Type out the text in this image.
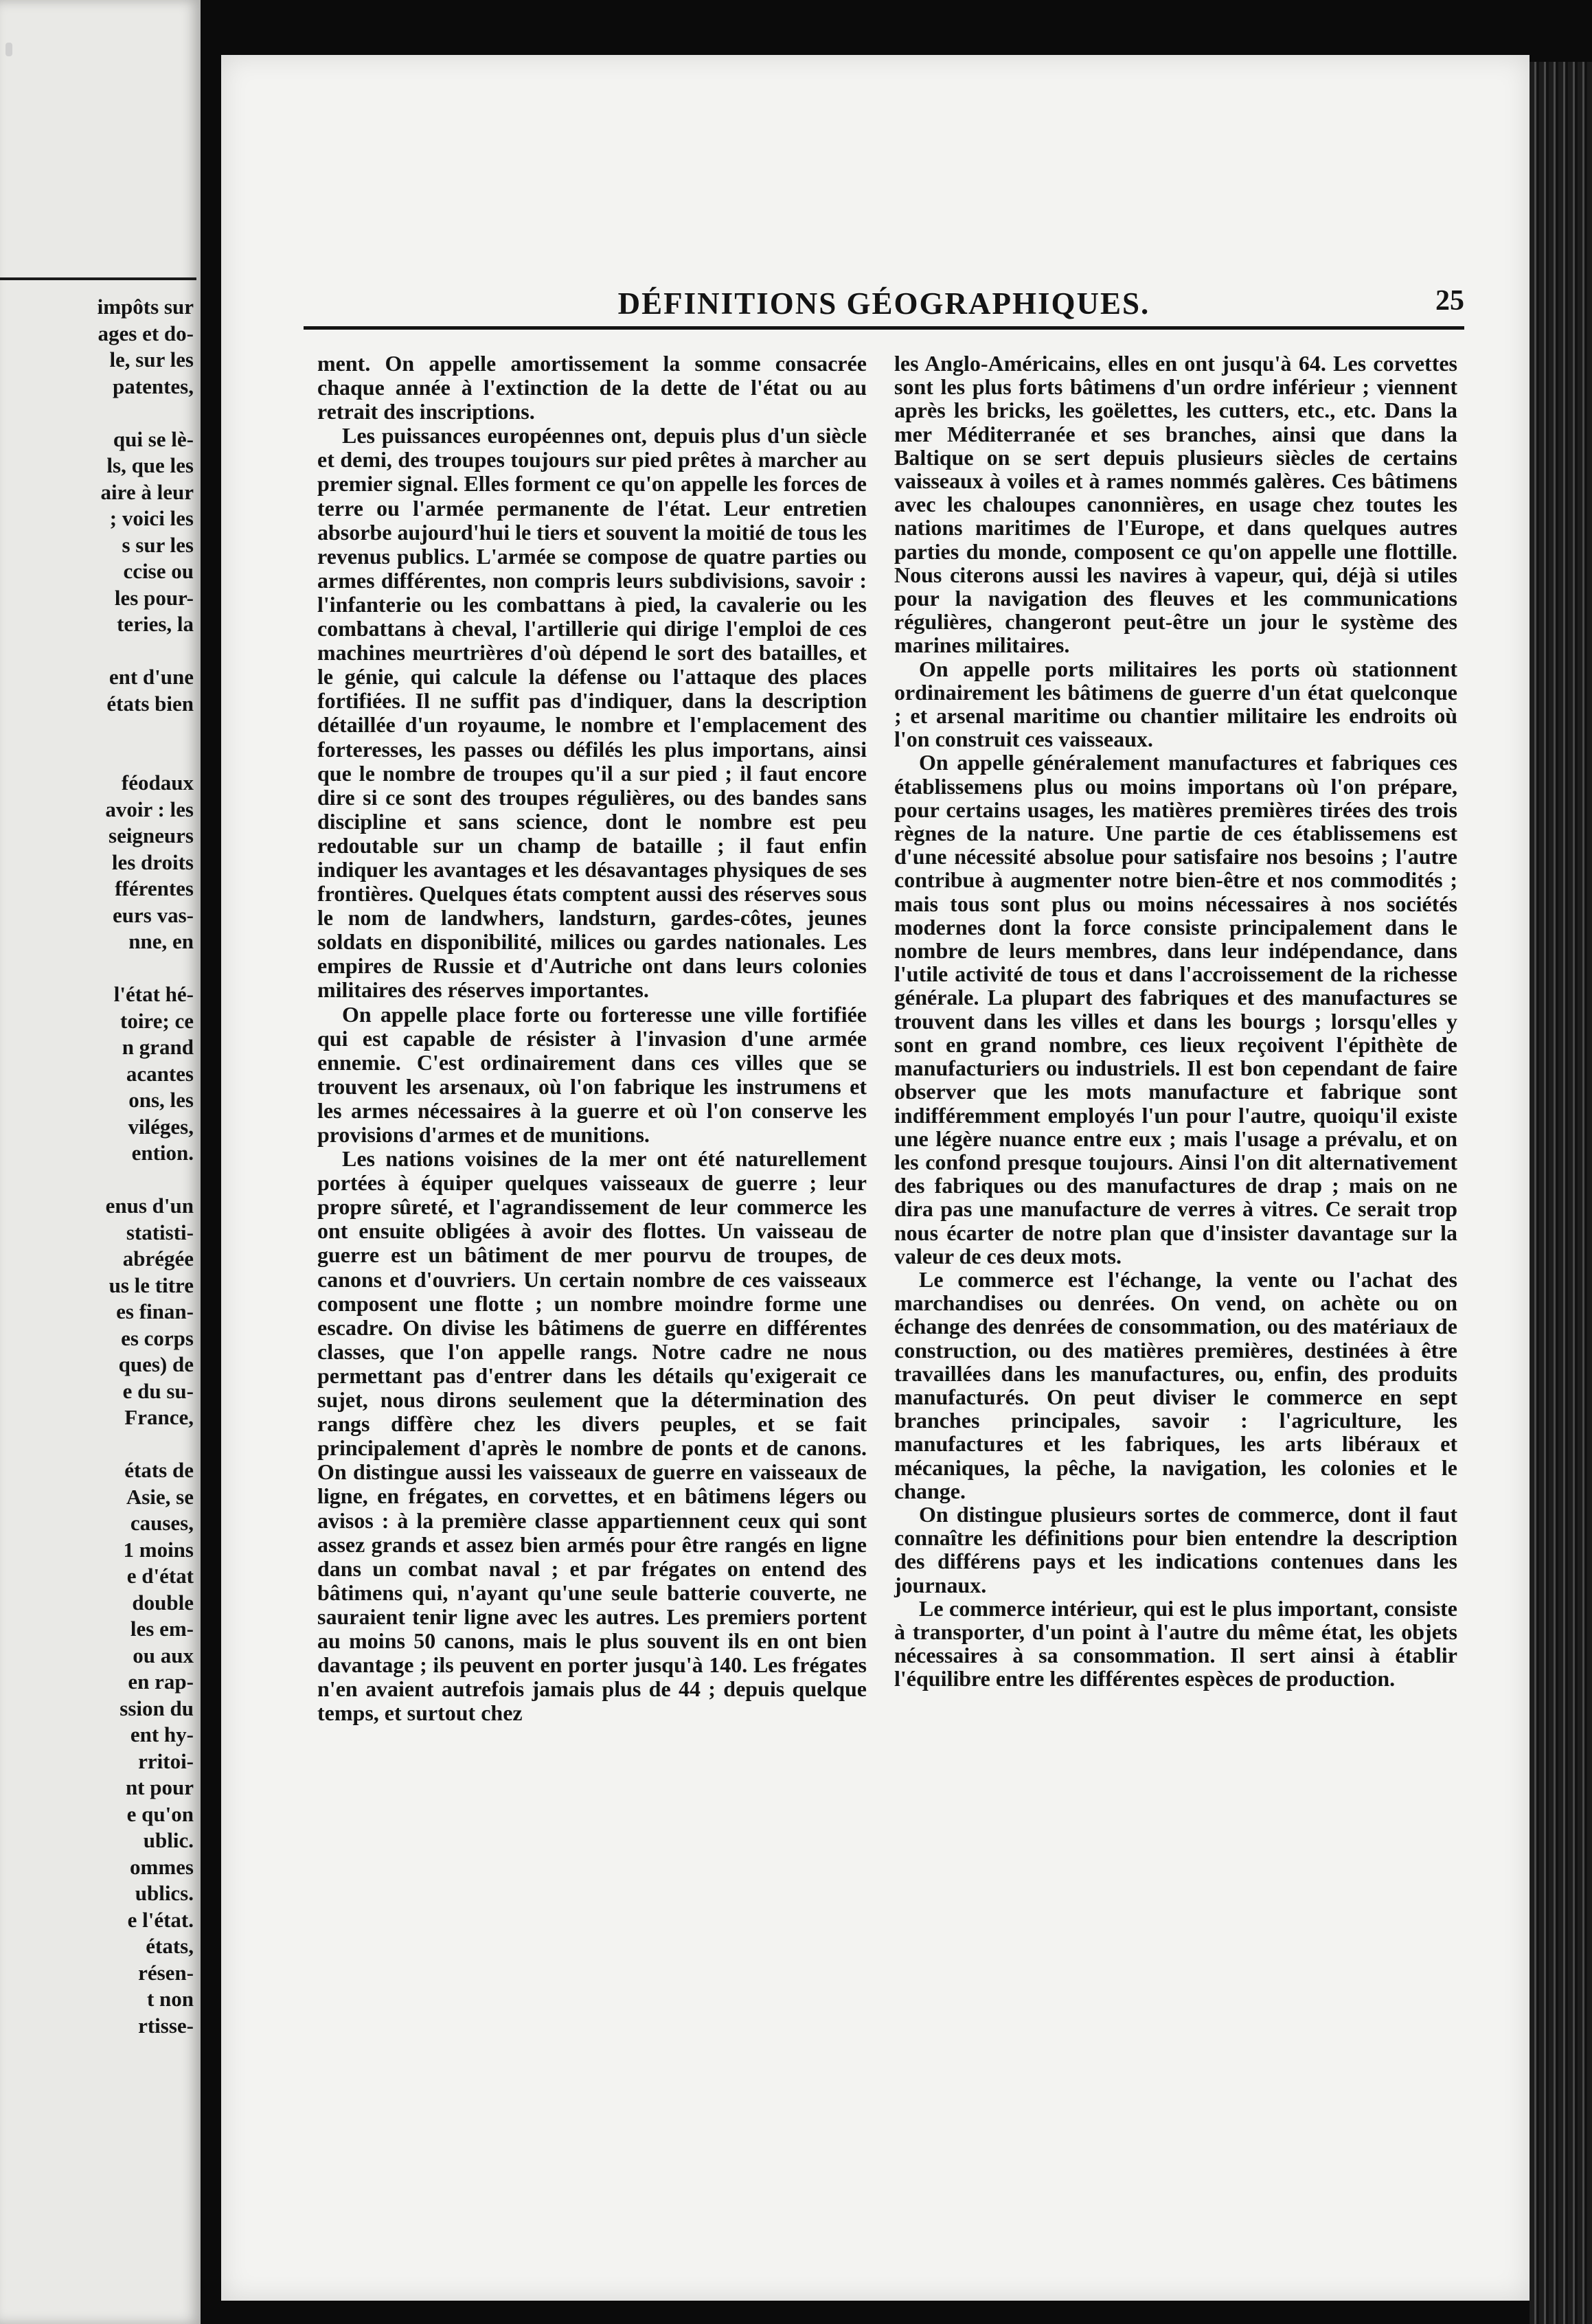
impôts sur
ages et do-
le, sur les
patentes,
qui se lè-
ls, que les
aire à leur
; voici les
s sur les
ccise ou
les pour-
teries, la
ent d'une
états bien
féodaux
avoir : les
seigneurs
les droits
fférentes
eurs vas-
nne, en
l'état hé-
toire; ce
n grand
acantes
ons, les
viléges,
ention.
enus d'un
statisti-
abrégée
us le titre
es finan-
es corps
ques) de
e du su-
France,
états de
Asie, se
causes,
1 moins
e d'état
double
les em-
ou aux
en rap-
ssion du
ent hy-
rritoi-
nt pour
e qu'on
ublic.
ommes
ublics.
e l'état.
états,
résen-
t non
rtisse-
DÉFINITIONS GÉOGRAPHIQUES.	25

ment. On appelle amortissement la somme consacrée chaque année à l'extinction de la dette de l'état ou au retrait des inscriptions.

Les puissances européennes ont, depuis plus d'un siècle et demi, des troupes toujours sur pied prêtes à marcher au premier signal. Elles forment ce qu'on appelle les forces de terre ou l'armée permanente de l'état. Leur entretien absorbe aujourd'hui le tiers et souvent la moitié de tous les revenus publics. L'armée se compose de quatre parties ou armes différentes, non compris leurs subdivisions, savoir : l'infanterie ou les combattans à pied, la cavalerie ou les combattans à cheval, l'artillerie qui dirige l'emploi de ces machines meurtrières d'où dépend le sort des batailles, et le génie, qui calcule la défense ou l'attaque des places fortifiées. Il ne suffit pas d'indiquer, dans la description détaillée d'un royaume, le nombre et l'emplacement des forteresses, les passes ou défilés les plus importans, ainsi que le nombre de troupes qu'il a sur pied ; il faut encore dire si ce sont des troupes régulières, ou des bandes sans discipline et sans science, dont le nombre est peu redoutable sur un champ de bataille ; il faut enfin indiquer les avantages et les désavantages physiques de ses frontières. Quelques états comptent aussi des réserves sous le nom de landwhers, landsturn, gardes-côtes, jeunes soldats en disponibilité, milices ou gardes nationales. Les empires de Russie et d'Autriche ont dans leurs colonies militaires des réserves importantes.

On appelle place forte ou forteresse une ville fortifiée qui est capable de résister à l'invasion d'une armée ennemie. C'est ordinairement dans ces villes que se trouvent les arsenaux, où l'on fabrique les instrumens et les armes nécessaires à la guerre et où l'on conserve les provisions d'armes et de munitions.

Les nations voisines de la mer ont été naturellement portées à équiper quelques vaisseaux de guerre ; leur propre sûreté, et l'agrandissement de leur commerce les ont ensuite obligées à avoir des flottes. Un vaisseau de guerre est un bâtiment de mer pourvu de troupes, de canons et d'ouvriers. Un certain nombre de ces vaisseaux composent une flotte ; un nombre moindre forme une escadre. On divise les bâtimens de guerre en différentes classes, que l'on appelle rangs. Notre cadre ne nous permettant pas d'entrer dans les détails qu'exigerait ce sujet, nous dirons seulement que la détermination des rangs diffère chez les divers peuples, et se fait principalement d'après le nombre de ponts et de canons. On distingue aussi les vaisseaux de guerre en vaisseaux de ligne, en frégates, en corvettes, et en bâtimens légers ou avisos : à la première classe appartiennent ceux qui sont assez grands et assez bien armés pour être rangés en ligne dans un combat naval ; et par frégates on entend des bâtimens qui, n'ayant qu'une seule batterie couverte, ne sauraient tenir ligne avec les autres. Les premiers portent au moins 50 canons, mais le plus souvent ils en ont bien davantage ; ils peuvent en porter jusqu'à 140. Les frégates n'en avaient autrefois jamais plus de 44 ; depuis quelque temps, et surtout chez

les Anglo-Américains, elles en ont jusqu'à 64. Les corvettes sont les plus forts bâtimens d'un ordre inférieur ; viennent après les bricks, les goëlettes, les cutters, etc., etc. Dans la mer Méditerranée et ses branches, ainsi que dans la Baltique on se sert depuis plusieurs siècles de certains vaisseaux à voiles et à rames nommés galères. Ces bâtimens avec les chaloupes canonnières, en usage chez toutes les nations maritimes de l'Europe, et dans quelques autres parties du monde, composent ce qu'on appelle une flottille. Nous citerons aussi les navires à vapeur, qui, déjà si utiles pour la navigation des fleuves et les communications régulières, changeront peut-être un jour le système des marines militaires.

On appelle ports militaires les ports où stationnent ordinairement les bâtimens de guerre d'un état quelconque ; et arsenal maritime ou chantier militaire les endroits où l'on construit ces vaisseaux.

On appelle généralement manufactures et fabriques ces établissemens plus ou moins importans où l'on prépare, pour certains usages, les matières premières tirées des trois règnes de la nature. Une partie de ces établissemens est d'une nécessité absolue pour satisfaire nos besoins ; l'autre contribue à augmenter notre bien-être et nos commodités ; mais tous sont plus ou moins nécessaires à nos sociétés modernes dont la force consiste principalement dans le nombre de leurs membres, dans leur indépendance, dans l'utile activité de tous et dans l'accroissement de la richesse générale. La plupart des fabriques et des manufactures se trouvent dans les villes et dans les bourgs ; lorsqu'elles y sont en grand nombre, ces lieux reçoivent l'épithète de manufacturiers ou industriels. Il est bon cependant de faire observer que les mots manufacture et fabrique sont indifféremment employés l'un pour l'autre, quoiqu'il existe une légère nuance entre eux ; mais l'usage a prévalu, et on les confond presque toujours. Ainsi l'on dit alternativement des fabriques ou des manufactures de drap ; mais on ne dira pas une manufacture de verres à vitres. Ce serait trop nous écarter de notre plan que d'insister davantage sur la valeur de ces deux mots.

Le commerce est l'échange, la vente ou l'achat des marchandises ou denrées. On vend, on achète ou on échange des denrées de consommation, ou des matériaux de construction, ou des matières premières, destinées à être travaillées dans les manufactures, ou, enfin, des produits manufacturés. On peut diviser le commerce en sept branches principales, savoir : l'agriculture, les manufactures et les fabriques, les arts libéraux et mécaniques, la pêche, la navigation, les colonies et le change.

On distingue plusieurs sortes de commerce, dont il faut connaître les définitions pour bien entendre la description des différens pays et les indications contenues dans les journaux.

Le commerce intérieur, qui est le plus important, consiste à transporter, d'un point à l'autre du même état, les objets nécessaires à sa consommation. Il sert ainsi à établir l'équilibre entre les différentes espèces de production.
